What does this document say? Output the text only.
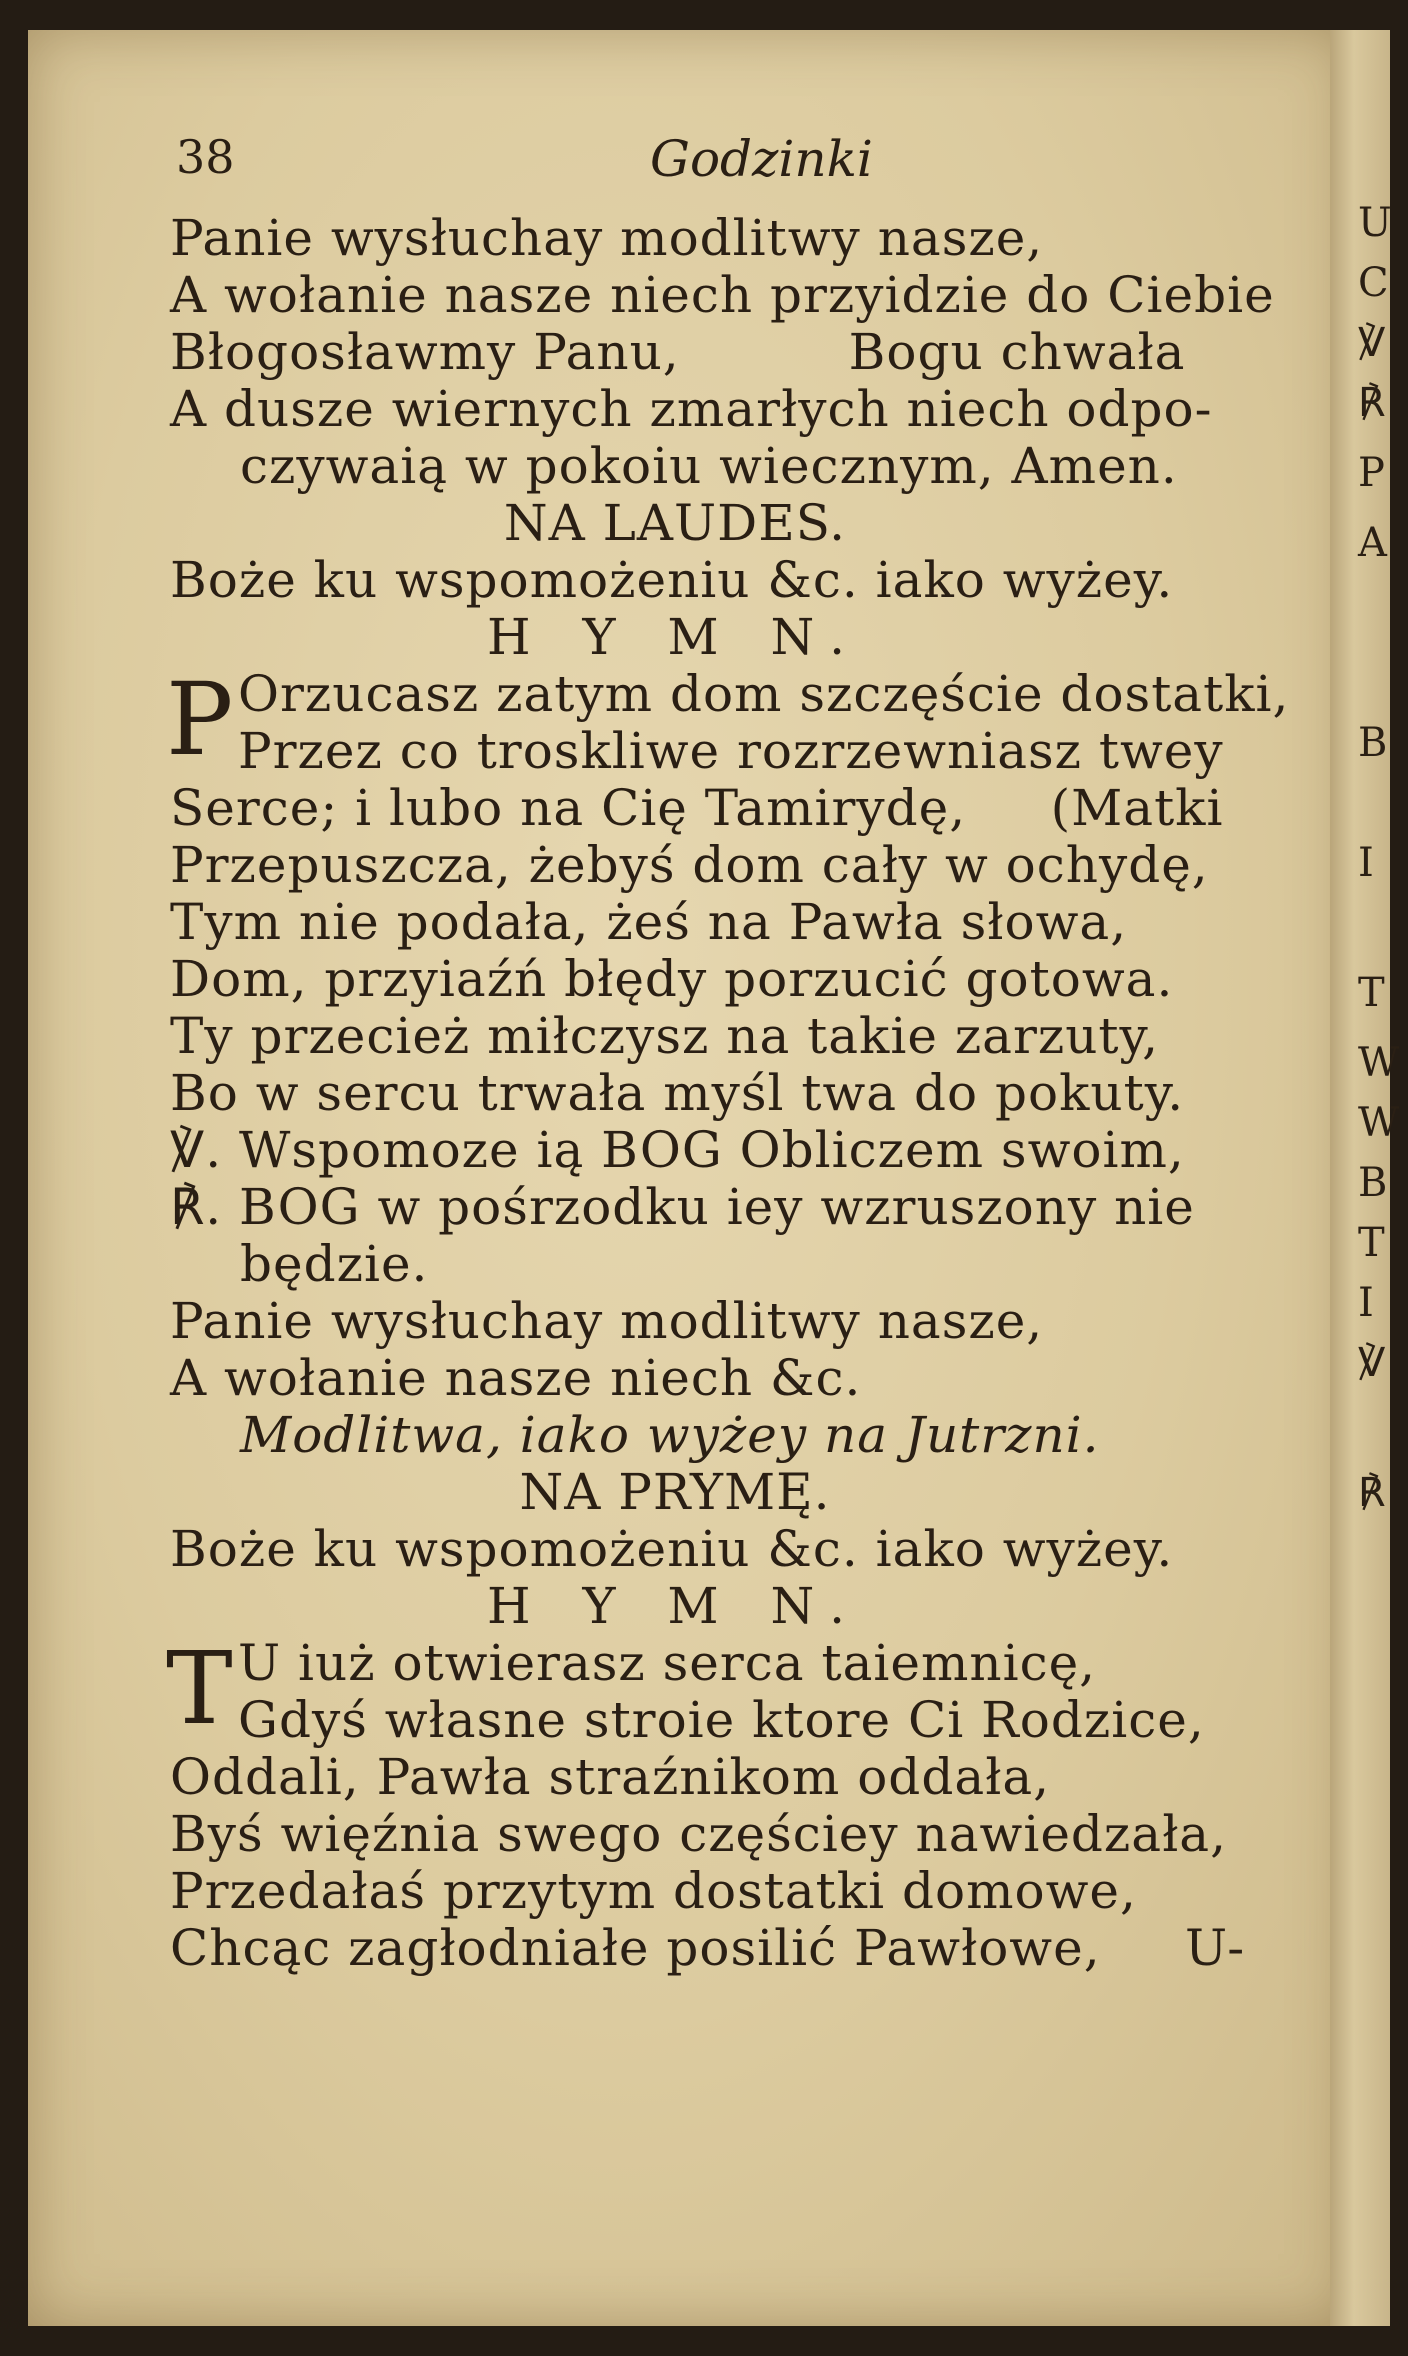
38	Godzinki
Panie wysłuchay modlitwy nasze,
A wołanie nasze niech przyidzie do Ciebie
Błogosławmy Panu,          Bogu chwała
A dusze wiernych zmarłych niech odpo-
czywaią w pokoiu wiecznym, Amen.
NA LAUDES.
Boże ku wspomożeniu &c. iako wyżey.
H Y M N.
P Orzucasz zatym dom szczęście dostatki,
Przez co troskliwe rozrzewniasz twey
Serce; i lubo na Cię Tamirydę,     (Matki
Przepuszcza, żebyś dom cały w ochydę,
Tym nie podała, żeś na Pawła słowa,
Dom, przyiaźń błędy porzucić gotowa.
Ty przecież miłczysz na takie zarzuty,
Bo w sercu trwała myśl twa do pokuty.
℣. Wspomoze ią BOG Obliczem swoim,
℟. BOG w pośrzodku iey wzruszony nie
będzie.
Panie wysłuchay modlitwy nasze,
A wołanie nasze niech &c.
Modlitwa, iako wyżey na Jutrzni.
NA PRYMĘ.
Boże ku wspomożeniu &c. iako wyżey.
H Y M N.
T U iuż otwierasz serca taiemnicę,
Gdyś własne stroie ktore Ci Rodzice,
Oddali, Pawła straźnikom oddała,
Byś więźnia swego częściey nawiedzała,
Przedałaś przytym dostatki domowe,
Chcąc zagłodniałe posilić Pawłowe,     U-
U
C
℣
℟
P
A
B
I
T
W
W
B
T
I
℣
℟
